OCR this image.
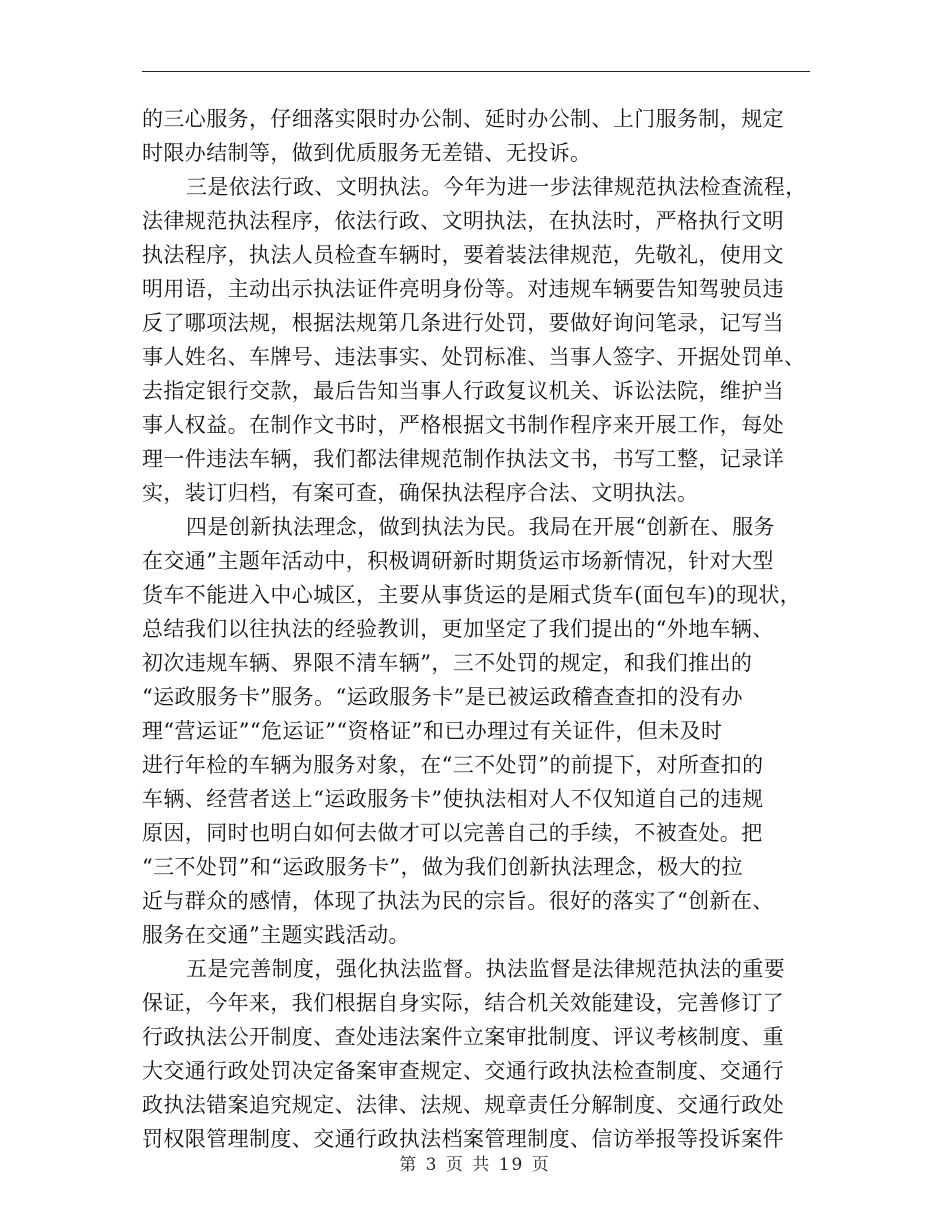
的三心服务，仔细落实限时办公制、延时办公制、上门服务制，规定
时限办结制等，做到优质服务无差错、无投诉。
三是依法行政、文明执法。今年为进一步法律规范执法检查流程，
法律规范执法程序，依法行政、文明执法，在执法时，严格执行文明
执法程序，执法人员检查车辆时，要着装法律规范，先敬礼，使用文
明用语，主动出示执法证件亮明身份等。对违规车辆要告知驾驶员违
反了哪项法规，根据法规第几条进行处罚，要做好询问笔录，记写当
事人姓名、车牌号、违法事实、处罚标准、当事人签字、开据处罚单、
去指定银行交款，最后告知当事人行政复议机关、诉讼法院，维护当
事人权益。在制作文书时，严格根据文书制作程序来开展工作，每处
理一件违法车辆，我们都法律规范制作执法文书，书写工整，记录详
实，装订归档，有案可查，确保执法程序合法、文明执法。
四是创新执法理念，做到执法为民。我局在开展“创新在、服务
在交通”主题年活动中，积极调研新时期货运市场新情况，针对大型
货车不能进入中心城区，主要从事货运的是厢式货车(面包车)的现状，
总结我们以往执法的经验教训，更加坚定了我们提出的“外地车辆、
初次违规车辆、界限不清车辆”，三不处罚的规定，和我们推出的
“运政服务卡”服务。“运政服务卡”是已被运政稽查查扣的没有办
理“营运证”“危运证”“资格证”和已办理过有关证件，但未及时
进行年检的车辆为服务对象，在“三不处罚”的前提下，对所查扣的
车辆、经营者送上“运政服务卡”使执法相对人不仅知道自己的违规
原因，同时也明白如何去做才可以完善自己的手续，不被查处。把
“三不处罚”和“运政服务卡”，做为我们创新执法理念，极大的拉
近与群众的感情，体现了执法为民的宗旨。很好的落实了“创新在、
服务在交通”主题实践活动。
五是完善制度，强化执法监督。执法监督是法律规范执法的重要
保证，今年来，我们根据自身实际，结合机关效能建设，完善修订了
行政执法公开制度、查处违法案件立案审批制度、评议考核制度、重
大交通行政处罚决定备案审查规定、交通行政执法检查制度、交通行
政执法错案追究规定、法律、法规、规章责任分解制度、交通行政处
罚权限管理制度、交通行政执法档案管理制度、信访举报等投诉案件
第 3 页 共 19 页
